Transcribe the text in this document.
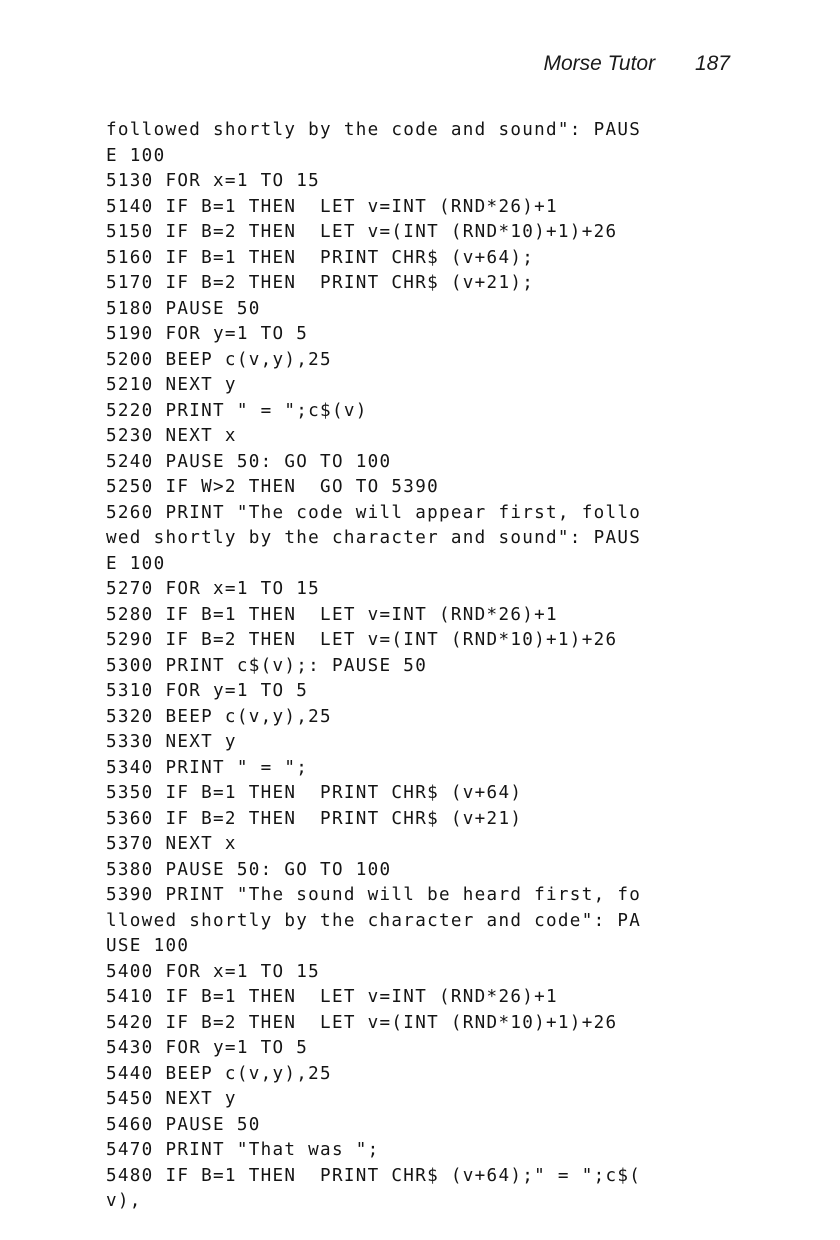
Morse Tutor 187
followed shortly by the code and sound": PAUS
E 100
5130 FOR x=1 TO 15
5140 IF B=1 THEN  LET v=INT (RND*26)+1
5150 IF B=2 THEN  LET v=(INT (RND*10)+1)+26
5160 IF B=1 THEN  PRINT CHR$ (v+64);
5170 IF B=2 THEN  PRINT CHR$ (v+21);
5180 PAUSE 50
5190 FOR y=1 TO 5
5200 BEEP c(v,y),25
5210 NEXT y
5220 PRINT " = ";c$(v)
5230 NEXT x
5240 PAUSE 50: GO TO 100
5250 IF W>2 THEN  GO TO 5390
5260 PRINT "The code will appear first, follo
wed shortly by the character and sound": PAUS
E 100
5270 FOR x=1 TO 15
5280 IF B=1 THEN  LET v=INT (RND*26)+1
5290 IF B=2 THEN  LET v=(INT (RND*10)+1)+26
5300 PRINT c$(v);: PAUSE 50
5310 FOR y=1 TO 5
5320 BEEP c(v,y),25
5330 NEXT y
5340 PRINT " = ";
5350 IF B=1 THEN  PRINT CHR$ (v+64)
5360 IF B=2 THEN  PRINT CHR$ (v+21)
5370 NEXT x
5380 PAUSE 50: GO TO 100
5390 PRINT "The sound will be heard first, fo
llowed shortly by the character and code": PA
USE 100
5400 FOR x=1 TO 15
5410 IF B=1 THEN  LET v=INT (RND*26)+1
5420 IF B=2 THEN  LET v=(INT (RND*10)+1)+26
5430 FOR y=1 TO 5
5440 BEEP c(v,y),25
5450 NEXT y
5460 PAUSE 50
5470 PRINT "That was ";
5480 IF B=1 THEN  PRINT CHR$ (v+64);" = ";c$(
v),
